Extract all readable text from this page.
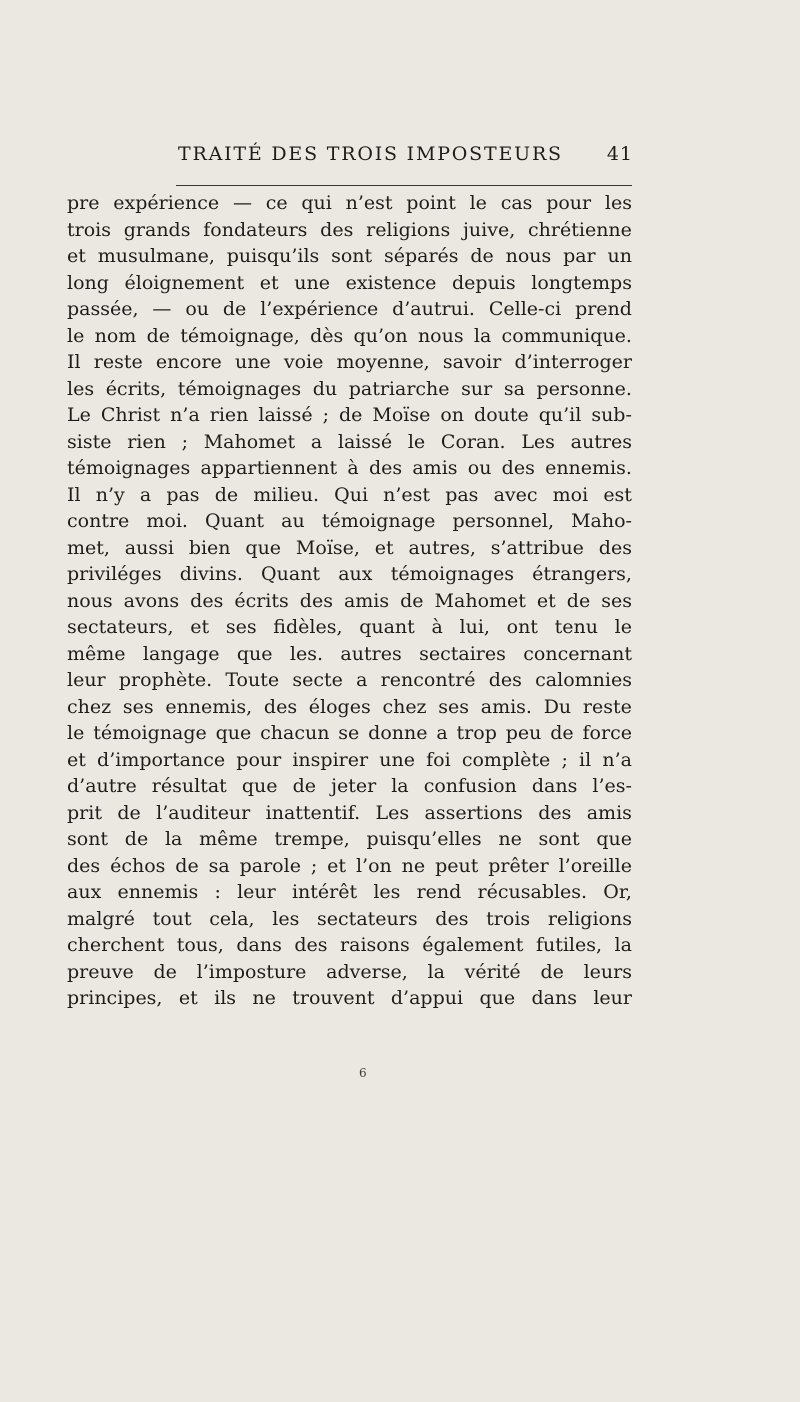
TRAITÉ DES TROIS IMPOSTEURS 41
pre expérience — ce qui n’est point le cas pour les
trois grands fondateurs des religions juive, chrétienne
et musulmane, puisqu’ils sont séparés de nous par un
long éloignement et une existence depuis longtemps
passée, — ou de l’expérience d’autrui. Celle-ci prend
le nom de témoignage, dès qu’on nous la communique.
Il reste encore une voie moyenne, savoir d’interroger
les écrits, témoignages du patriarche sur sa personne.
Le Christ n’a rien laissé ; de Moïse on doute qu’il sub-
siste rien ; Mahomet a laissé le Coran. Les autres
témoignages appartiennent à des amis ou des ennemis.
Il n’y a pas de milieu. Qui n’est pas avec moi est
contre moi. Quant au témoignage personnel, Maho-
met, aussi bien que Moïse, et autres, s’attribue des
priviléges divins. Quant aux témoignages étrangers,
nous avons des écrits des amis de Mahomet et de ses
sectateurs, et ses fidèles, quant à lui, ont tenu le
même langage que les. autres sectaires concernant
leur prophète. Toute secte a rencontré des calomnies
chez ses ennemis, des éloges chez ses amis. Du reste
le témoignage que chacun se donne a trop peu de force
et d’importance pour inspirer une foi complète ; il n’a
d’autre résultat que de jeter la confusion dans l’es-
prit de l’auditeur inattentif. Les assertions des amis
sont de la même trempe, puisqu’elles ne sont que
des échos de sa parole ; et l’on ne peut prêter l’oreille
aux ennemis : leur intérêt les rend récusables. Or,
malgré tout cela, les sectateurs des trois religions
cherchent tous, dans des raisons également futiles, la
preuve de l’imposture adverse, la vérité de leurs
principes, et ils ne trouvent d’appui que dans leur
6
